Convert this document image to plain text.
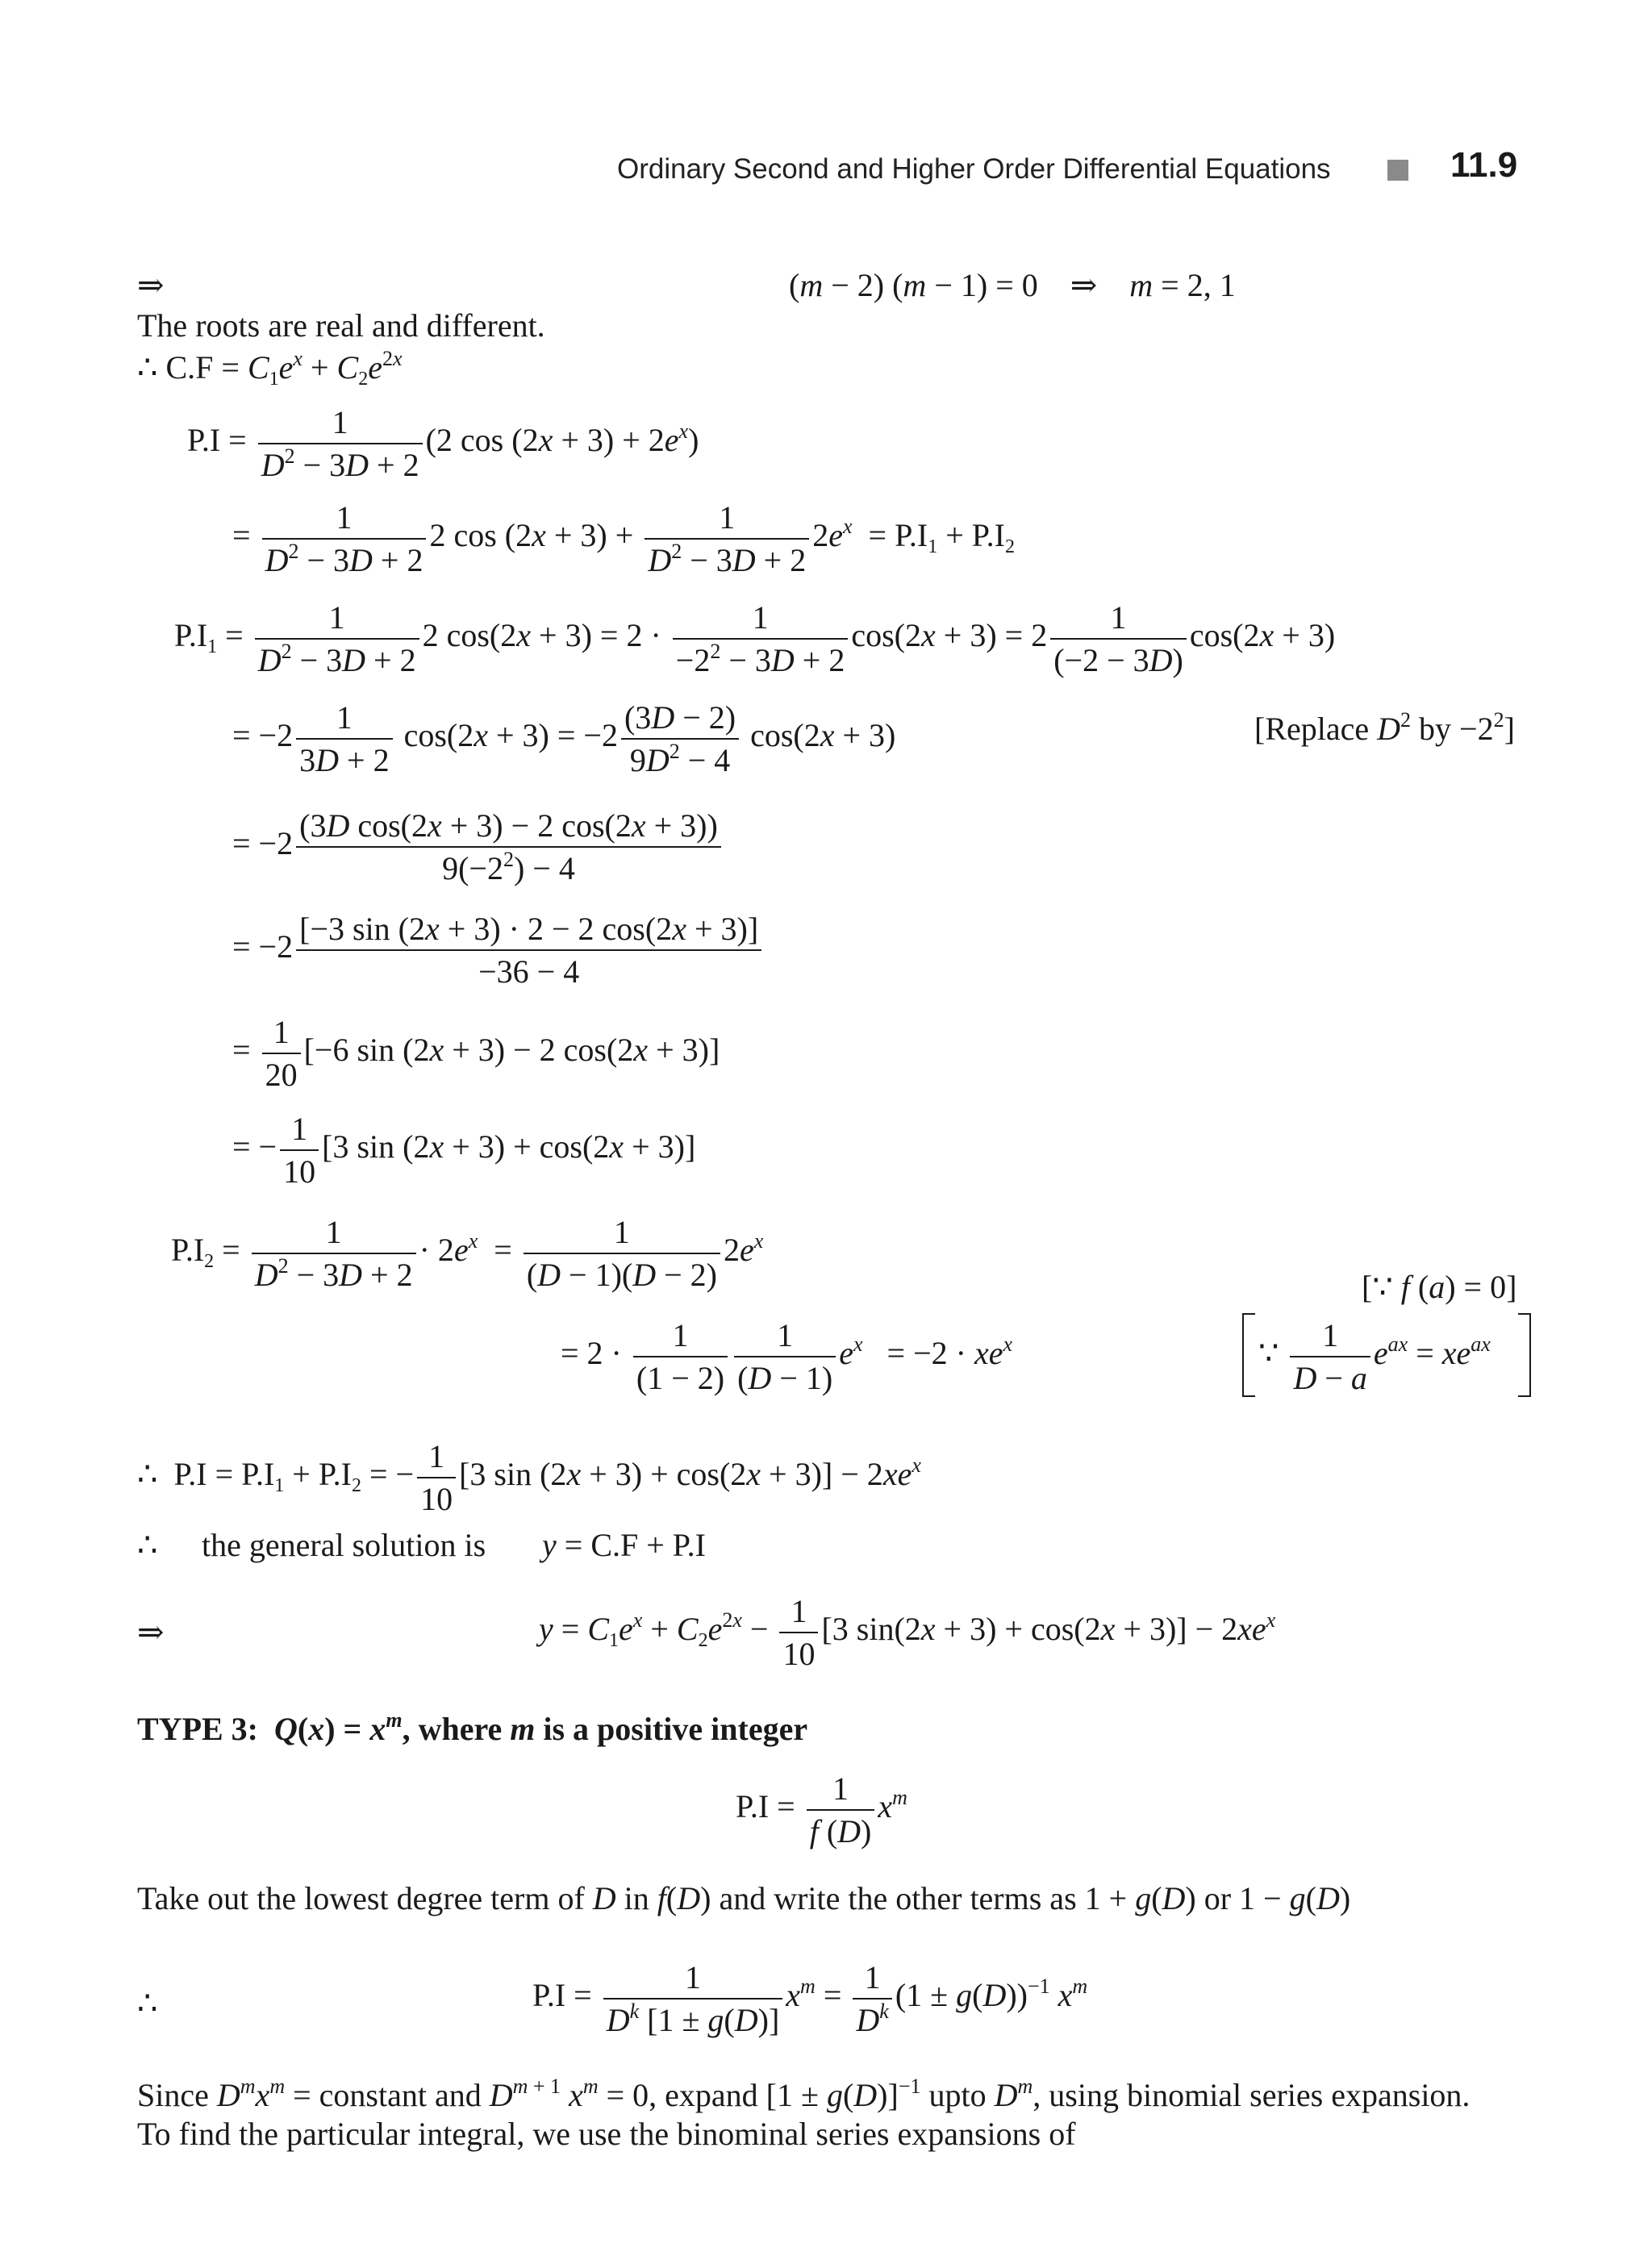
Ordinary Second and Higher Order Differential Equations	11.9
⇒	(m − 2) (m − 1) = 0    ⇒    m = 2, 1
The roots are real and different.
∴ $C.F = C_1e^x + C_2e^{2x}$
$P.I = \frac{1}{D^2 - 3D + 2} (2$ $\cos (2x + 3) + 2e^x$)
= $\frac{1}{D^2 - 3D + 2} 2$ $\cos (2x + 3) + \frac{1}{D^2 - 3D + 2} 2e^x = P.I_1 + P.I_2$
$P.I_1 = \frac{1}{D^2 - 3D + 2} 2$ $\cos(2x + 3) = 2 \cdot \frac{1}{-2^2 - 3D + 2} \cos(2x + 3) = 2 \frac{1}{(-2 - 3D)} \cos(2x + 3)$
= $-2 \frac{1}{3D + 2} \cos(2x + 3) = -2 \frac{(3D - 2)}{9D^2 - 4} \cos(2x + 3)$	[Replace $D^2$ by $-2^2$]
= $-2 \frac{\text{(3D cos(2x + 3) − 2 cos(2x + 3))}}{9(-2^2) - 4}$
= $-2 \frac{[-3 \sin (2x + 3) \cdot 2 - 2 \cos(2x + 3)]}{-36 - 4}$
= $\frac{1}{20} [-6$ sin (2x + 3) − 2 cos(2x + 3)]
= − $\frac{1}{10} [3$ sin (2x + 3) + cos(2x + 3)]
$P.I_2 = \frac{1}{D^2 - 3D + 2} \cdot 2e^x = \frac{1}{(D - 1)(D - 2)} 2e^x$
[∵ f (a) = 0]
= $2 \cdot \frac{1}{(1 - 2)} \frac{1}{(D - 1)} e^x = -2 \cdot xe^x$	∵ $\frac{1}{D - a} e^{ax} = xe^{ax}$
∴  $P.I = P.I_1 + P.I_2$ = − $\frac{1}{10} [3$ $\sin (2x + 3) + \cos(2x + 3)] - 2xe^x$
∴ the general solution is y = C.F + P.I
⇒	$y = C_1e^x + C_2e^{2x} - \frac{1}{10} [3$ $\sin(2x + 3) + \cos(2x + 3)] - 2xe^x$
TYPE 3:  $Q(x) = x^m$, where m is a positive integer
$P.I = \frac{1}{f (D)} x^m$
Take out the lowest degree term of D in f(D) and write the other terms as 1 + g(D) or 1 − g(D)
∴	$P.I = \frac{1}{D^k [1 \pm g(D)]} x^m = \frac{1}{D^k} (1 \pm g(D))^{-1}$ $x^m$
Since $D^mx^m$ = constant and $D^{m + 1}$ $x^m = 0$, expand $[1 \pm g(D)]^{-1}$ upto $D^m$, using binomial series expansion.
To find the particular integral, we use the binominal series expansions of
